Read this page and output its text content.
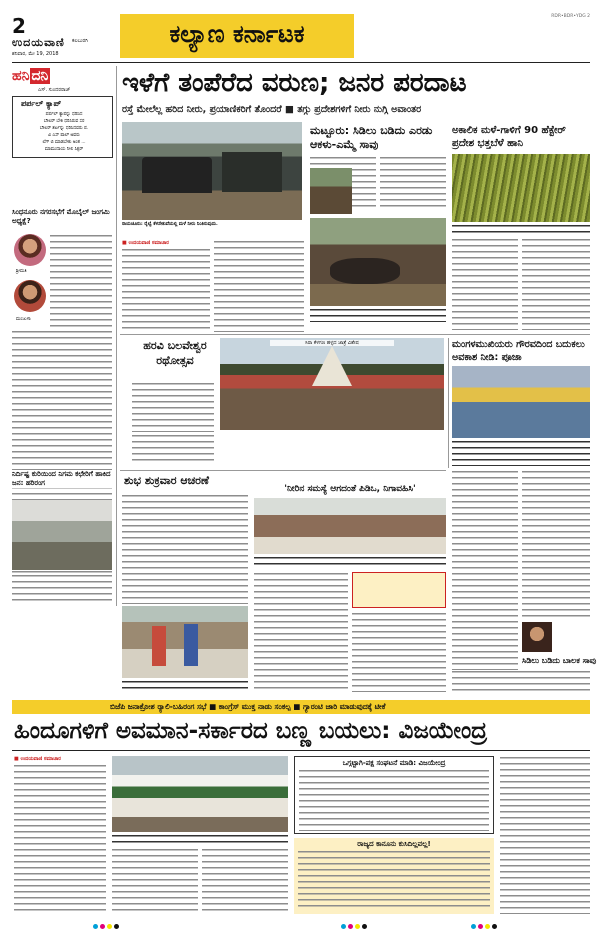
2
ಉದಯವಾಣಿ ಕಲಬುರಗಿ
ಶನಿವಾರ, ಮೇ 19, 2018
ಕಲ್ಯಾಣ ಕರ್ನಾಟಕ
RDR•BDR•YDG 2
ಹನಿ ದನಿ
ಎಸ್. ಸುಂದರರಾಜ್
ಪರ್ಪಲ್ ಕ್ಯಾಪ್
ಪರ್ಪಲ್ ಕ್ಯಾಪನ್ನು ಧರಿಸಿದ
ಬೌಲರ್ ಬೇಕಿ ಧರಿಸಿರುವ ಸರ
ಬೌಲರ್ ಶರ್ಟನ್ನು ಧರಿಸಿದವರು ಪ.
ವಿ ಎಸ್ ಪಾಲ್ ಅವರು
ಲೆಗ್ ಬಿ ಮಾಡಬೇಕು ಅಂತ ...
ಮಾಮುದಾಯ ನೀಲಿ ಸಿಕ್ಸರ್
ಸಿಂಧನೂರು ನಗರಸಭೆಗೆ ಮೊಬೈಲ್ ಜಂಗಮಿ ಅಧ್ಯಕ್ಷೆ?
ಶ್ರೀಮತಿ
ಮಂಜುಳಾ
ನಿರ್ದಿಷ್ಟ ಕುರಿಯಿಂದ ನಿಗಮ ಕಛೇರಿಗೆ ಹಾಕಿದ ಜನ: ಹರಿರಂಗ
ಇಳೆಗೆ ತಂಪೆರೆದ ವರುಣ; ಜನರ ಪರದಾಟ
ರಸ್ತೆ ಮೇಲೆಲ್ಲ ಹರಿದ ನೀರು, ಪ್ರಯಾಣಿಕರಿಗೆ ತೊಂದರೆ ■ ತಗ್ಗು ಪ್ರದೇಶಗಳಿಗೆ ನೀರು ನುಗ್ಗಿ ಅವಾಂತರ
ರಾಯಚೂರು: ರೈಲ್ವೆ ಕೆಳಸೇತುವೆಯಲ್ಲಿ ಮಳೆ ನೀರು ನಿಂತಿರುವುದು.
■ ಉದಯವಾಣಿ ಸಮಾಚಾರ
ಮಟ್ಟೂರು: ಸಿಡಿಲು ಬಡಿದು ಎರಡು ಆಕಳು-ಎಮ್ಮೆ ಸಾವು
ಅಕಾಲಿಕ ಮಳೆ-ಗಾಳಿಗೆ 90 ಹೆಕ್ಟೇರ್ ಪ್ರದೇಶ ಭತ್ತಬೆಳೆ ಹಾನಿ
ಹರವಿ ಬಲವೇಶ್ವರ ರಥೋತ್ಸವ
ಸಿರಾ ಕೆಳಗಣ ಹಳ್ಳದ ಜಾತ್ರೆ ವಿಶೇಷ	ಮಂಗಳಮುಖಿಯರು ಗೌರವದಿಂದ ಬದುಕಲು ಅವಕಾಶ ನೀಡಿ: ಪೂಜಾ
ಶುಭ ಶುಕ್ರವಾರ ಆಚರಣೆ
'ನೀರಿನ ಸಮಸ್ಯೆ ಆಗದಂತೆ ಪಿಡಿಒ, ನಿಗಾವಹಿಸಿ'
ಸಿಡಿಲು ಬಡಿದು ಬಾಲಕ ಸಾವು
ಬಿಜೆಪಿ ಜನಾಕ್ರೋಶ ರ‍್ಯಾಲಿ-ಬಹಿರಂಗ ಸಭೆ ■ ಕಾಂಗ್ರೆಸ್ ಮುಕ್ತ ನಾಡು ಸಂಕಲ್ಪ ■ ಗ್ಯಾರಂಟಿ ಜಾರಿ ಮಾಡುವುದಕ್ಕೆ ಟೀಕೆ
ಹಿಂದೂಗಳಿಗೆ ಅವಮಾನ-ಸರ್ಕಾರದ ಬಣ್ಣ ಬಯಲು: ವಿಜಯೇಂದ್ರ
■ ಉದಯವಾಣಿ ಸಮಾಚಾರ	ಒಗ್ಗಟ್ಟಾಗಿ-ಪಕ್ಷ ಸಂಘಟನೆ ಮಾಡಿ: ವಿಜಯೇಂದ್ರ
ರಾಜ್ಯದ ಕಾನೂನು ಕುಸಿದಿಲ್ಲವಲ್ಲ!
